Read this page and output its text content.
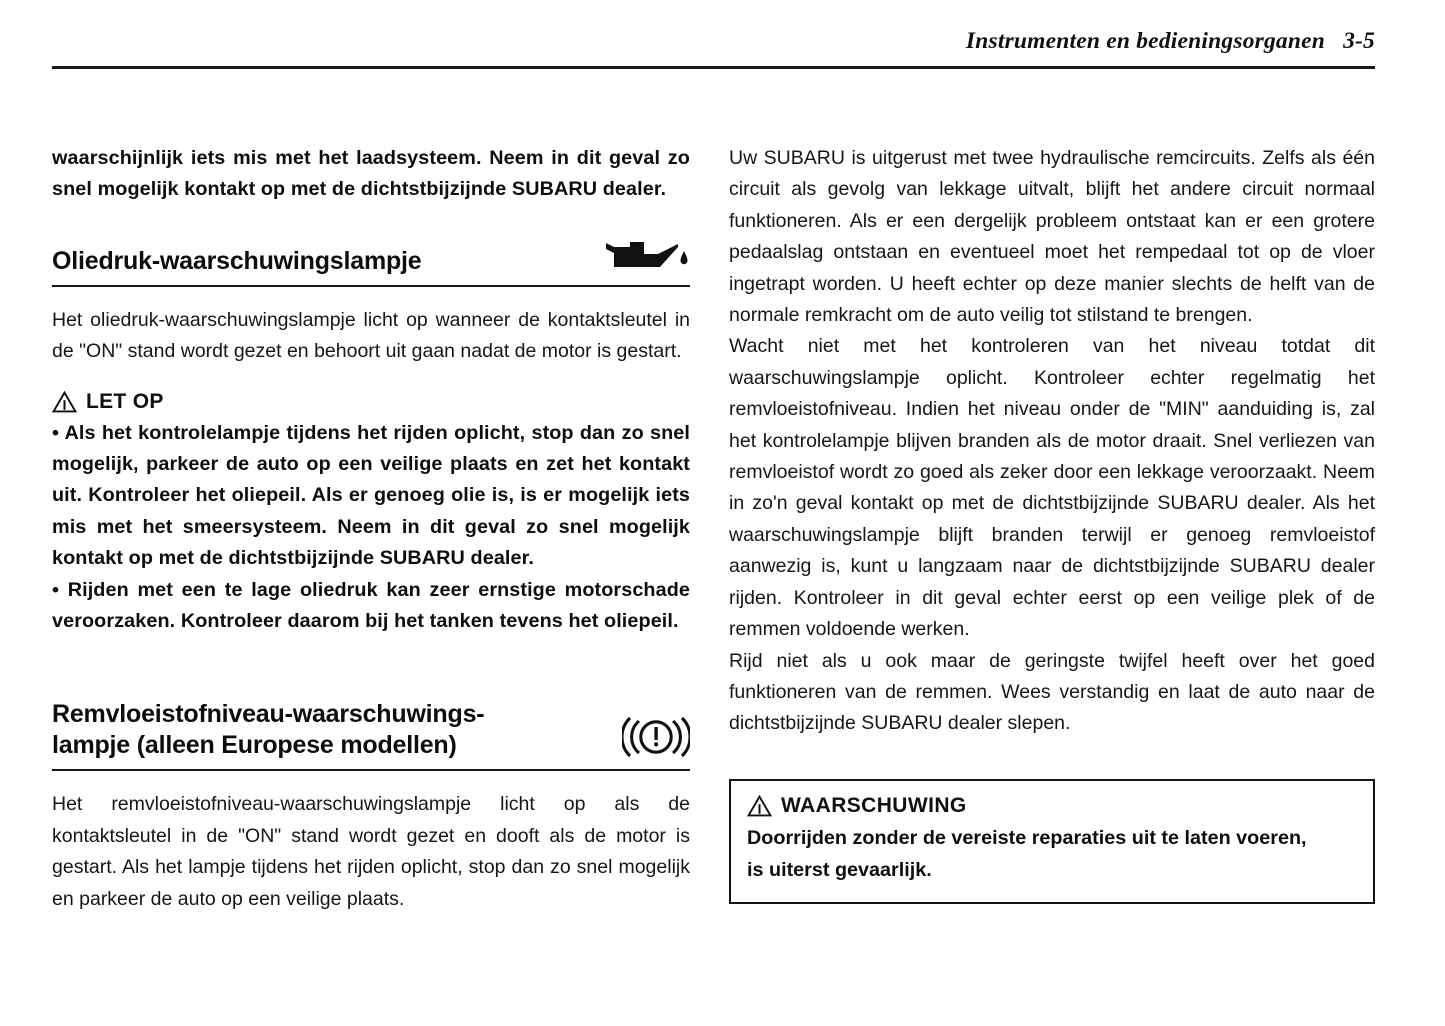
Instrumenten en bedieningsorganen 3-5

waarschijnlijk iets mis met het laadsysteem. Neem in dit geval zo snel mogelijk kontakt op met de dichtstbijzijnde SUBARU dealer.

Oliedruk-waarschuwingslampje

Het oliedruk-waarschuwingslampje licht op wanneer de kontaktsleutel in de "ON" stand wordt gezet en behoort uit gaan nadat de motor is gestart.

LET OP

• Als het kontrolelampje tijdens het rijden oplicht, stop dan zo snel mogelijk, parkeer de auto op een veilige plaats en zet het kontakt uit. Kontroleer het oliepeil. Als er genoeg olie is, is er mogelijk iets mis met het smeersysteem. Neem in dit geval zo snel mogelijk kontakt op met de dichtstbijzijnde SUBARU dealer.

• Rijden met een te lage oliedruk kan zeer ernstige motorschade veroorzaken. Kontroleer daarom bij het tanken tevens het oliepeil.

Remvloeistofniveau-waarschuwings-
lampje (alleen Europese modellen)

Het remvloeistofniveau-waarschuwingslampje licht op als de kontaktsleutel in de "ON" stand wordt gezet en dooft als de motor is gestart. Als het lampje tijdens het rijden oplicht, stop dan zo snel mogelijk en parkeer de auto op een veilige plaats.

Uw SUBARU is uitgerust met twee hydraulische remcircuits. Zelfs als één circuit als gevolg van lekkage uitvalt, blijft het andere circuit normaal funktioneren. Als er een dergelijk probleem ontstaat kan er een grotere pedaalslag ontstaan en eventueel moet het rempedaal tot op de vloer ingetrapt worden. U heeft echter op deze manier slechts de helft van de normale remkracht om de auto veilig tot stilstand te brengen.

Wacht niet met het kontroleren van het niveau totdat dit waarschuwingslampje oplicht. Kontroleer echter regelmatig het remvloeistofniveau. Indien het niveau onder de "MIN" aanduiding is, zal het kontrolelampje blijven branden als de motor draait. Snel verliezen van remvloeistof wordt zo goed als zeker door een lekkage veroorzaakt. Neem in zo'n geval kontakt op met de dichtstbijzijnde SUBARU dealer. Als het waarschuwingslampje blijft branden terwijl er genoeg remvloeistof aanwezig is, kunt u langzaam naar de dichtstbijzijnde SUBARU dealer rijden. Kontroleer in dit geval echter eerst op een veilige plek of de remmen voldoende werken.

Rijd niet als u ook maar de geringste twijfel heeft over het goed funktioneren van de remmen. Wees verstandig en laat de auto naar de dichtstbijzijnde SUBARU dealer slepen.

WAARSCHUWING

Doorrijden zonder de vereiste reparaties uit te laten voeren,

is uiterst gevaarlijk.
